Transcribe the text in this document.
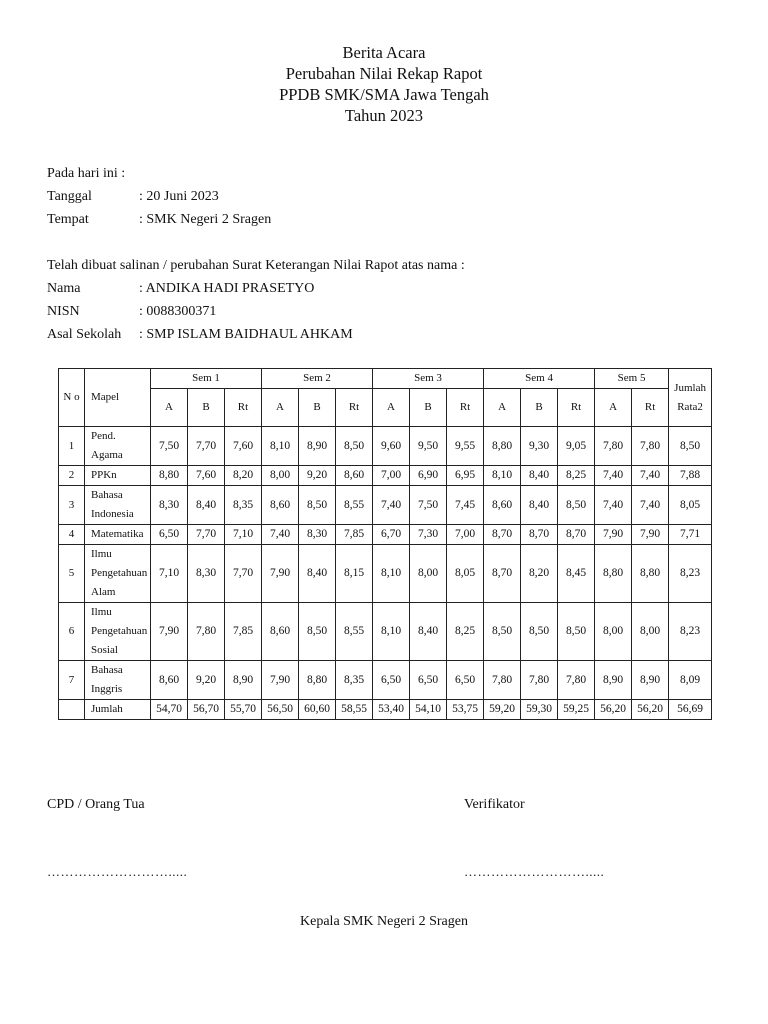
Berita Acara
Perubahan Nilai Rekap Rapot
PPDB SMK/SMA Jawa Tengah
Tahun 2023
Pada hari ini :
Tanggal	: 20 Juni 2023
Tempat	: SMK Negeri 2 Sragen
Telah dibuat salinan / perubahan Surat Keterangan Nilai Rapot atas nama :
Nama	: ANDIKA HADI PRASETYO
NISN	: 0088300371
Asal Sekolah	: SMP ISLAM BAIDHAUL AHKAM
N o	Mapel	Sem 1			Sem 2			Sem 3			Sem 4			Sem 5		Jumlah Rata2
		A	B	Rt	A	B	Rt	A	B	Rt	A	B	Rt	A	Rt	
1	Pend. Agama	7,50	7,70	7,60	8,10	8,90	8,50	9,60	9,50	9,55	8,80	9,30	9,05	7,80	7,80	8,50
2	PPKn	8,80	7,60	8,20	8,00	9,20	8,60	7,00	6,90	6,95	8,10	8,40	8,25	7,40	7,40	7,88
3	Bahasa Indonesia	8,30	8,40	8,35	8,60	8,50	8,55	7,40	7,50	7,45	8,60	8,40	8,50	7,40	7,40	8,05
4	Matematika	6,50	7,70	7,10	7,40	8,30	7,85	6,70	7,30	7,00	8,70	8,70	8,70	7,90	7,90	7,71
5	Ilmu Pengetahuan Alam	7,10	8,30	7,70	7,90	8,40	8,15	8,10	8,00	8,05	8,70	8,20	8,45	8,80	8,80	8,23
6	Ilmu Pengetahuan Sosial	7,90	7,80	7,85	8,60	8,50	8,55	8,10	8,40	8,25	8,50	8,50	8,50	8,00	8,00	8,23
7	Bahasa Inggris	8,60	9,20	8,90	7,90	8,80	8,35	6,50	6,50	6,50	7,80	7,80	7,80	8,90	8,90	8,09
	Jumlah	54,70	56,70	55,70	56,50	60,60	58,55	53,40	54,10	53,75	59,20	59,30	59,25	56,20	56,20	56,69
CPD / Orang Tua	Verifikator
……………………….....	……………………….....
Kepala SMK Negeri 2 Sragen
